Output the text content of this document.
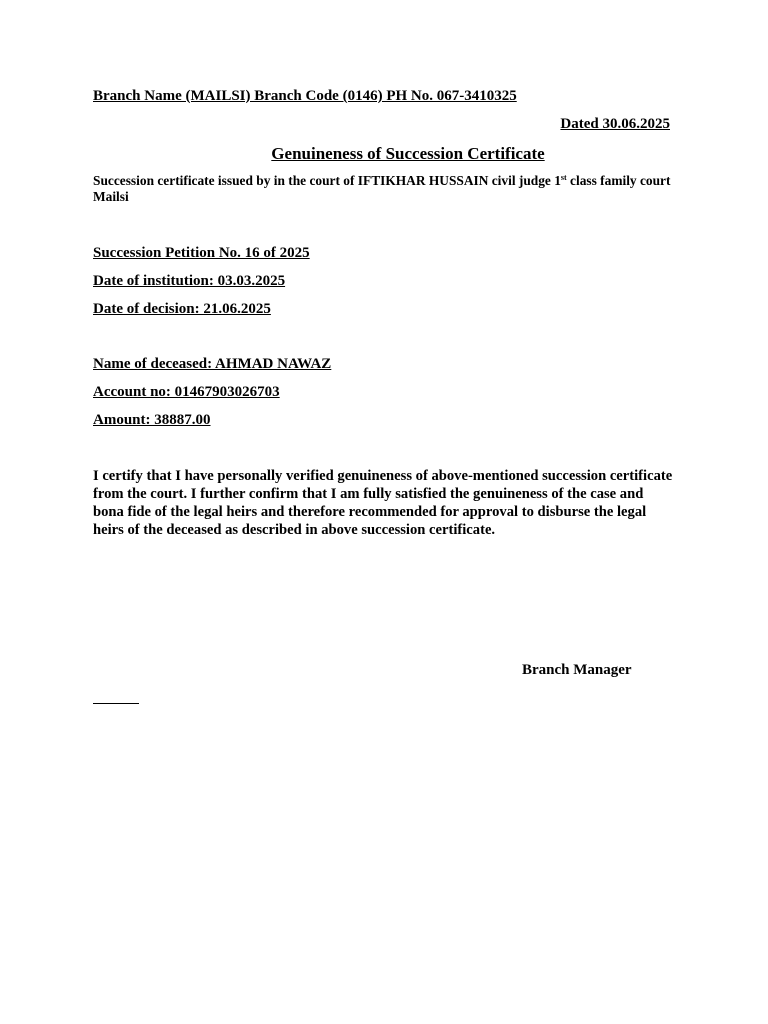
Branch Name (MAILSI) Branch Code (0146) PH No. 067-3410325
Dated 30.06.2025
Genuineness of Succession Certificate
Succession certificate issued by in the court of IFTIKHAR HUSSAIN civil judge 1st class family court Mailsi
Succession Petition No. 16 of 2025
Date of institution: 03.03.2025
Date of decision: 21.06.2025
Name of deceased: AHMAD NAWAZ
Account no: 01467903026703
Amount: 38887.00
I certify that I have personally verified genuineness of above-mentioned succession certificate from the court. I further confirm that I am fully satisfied the genuineness of the case and bona fide of the legal heirs and therefore recommended for approval to disburse the legal heirs of the deceased as described in above succession certificate.
Branch Manager
